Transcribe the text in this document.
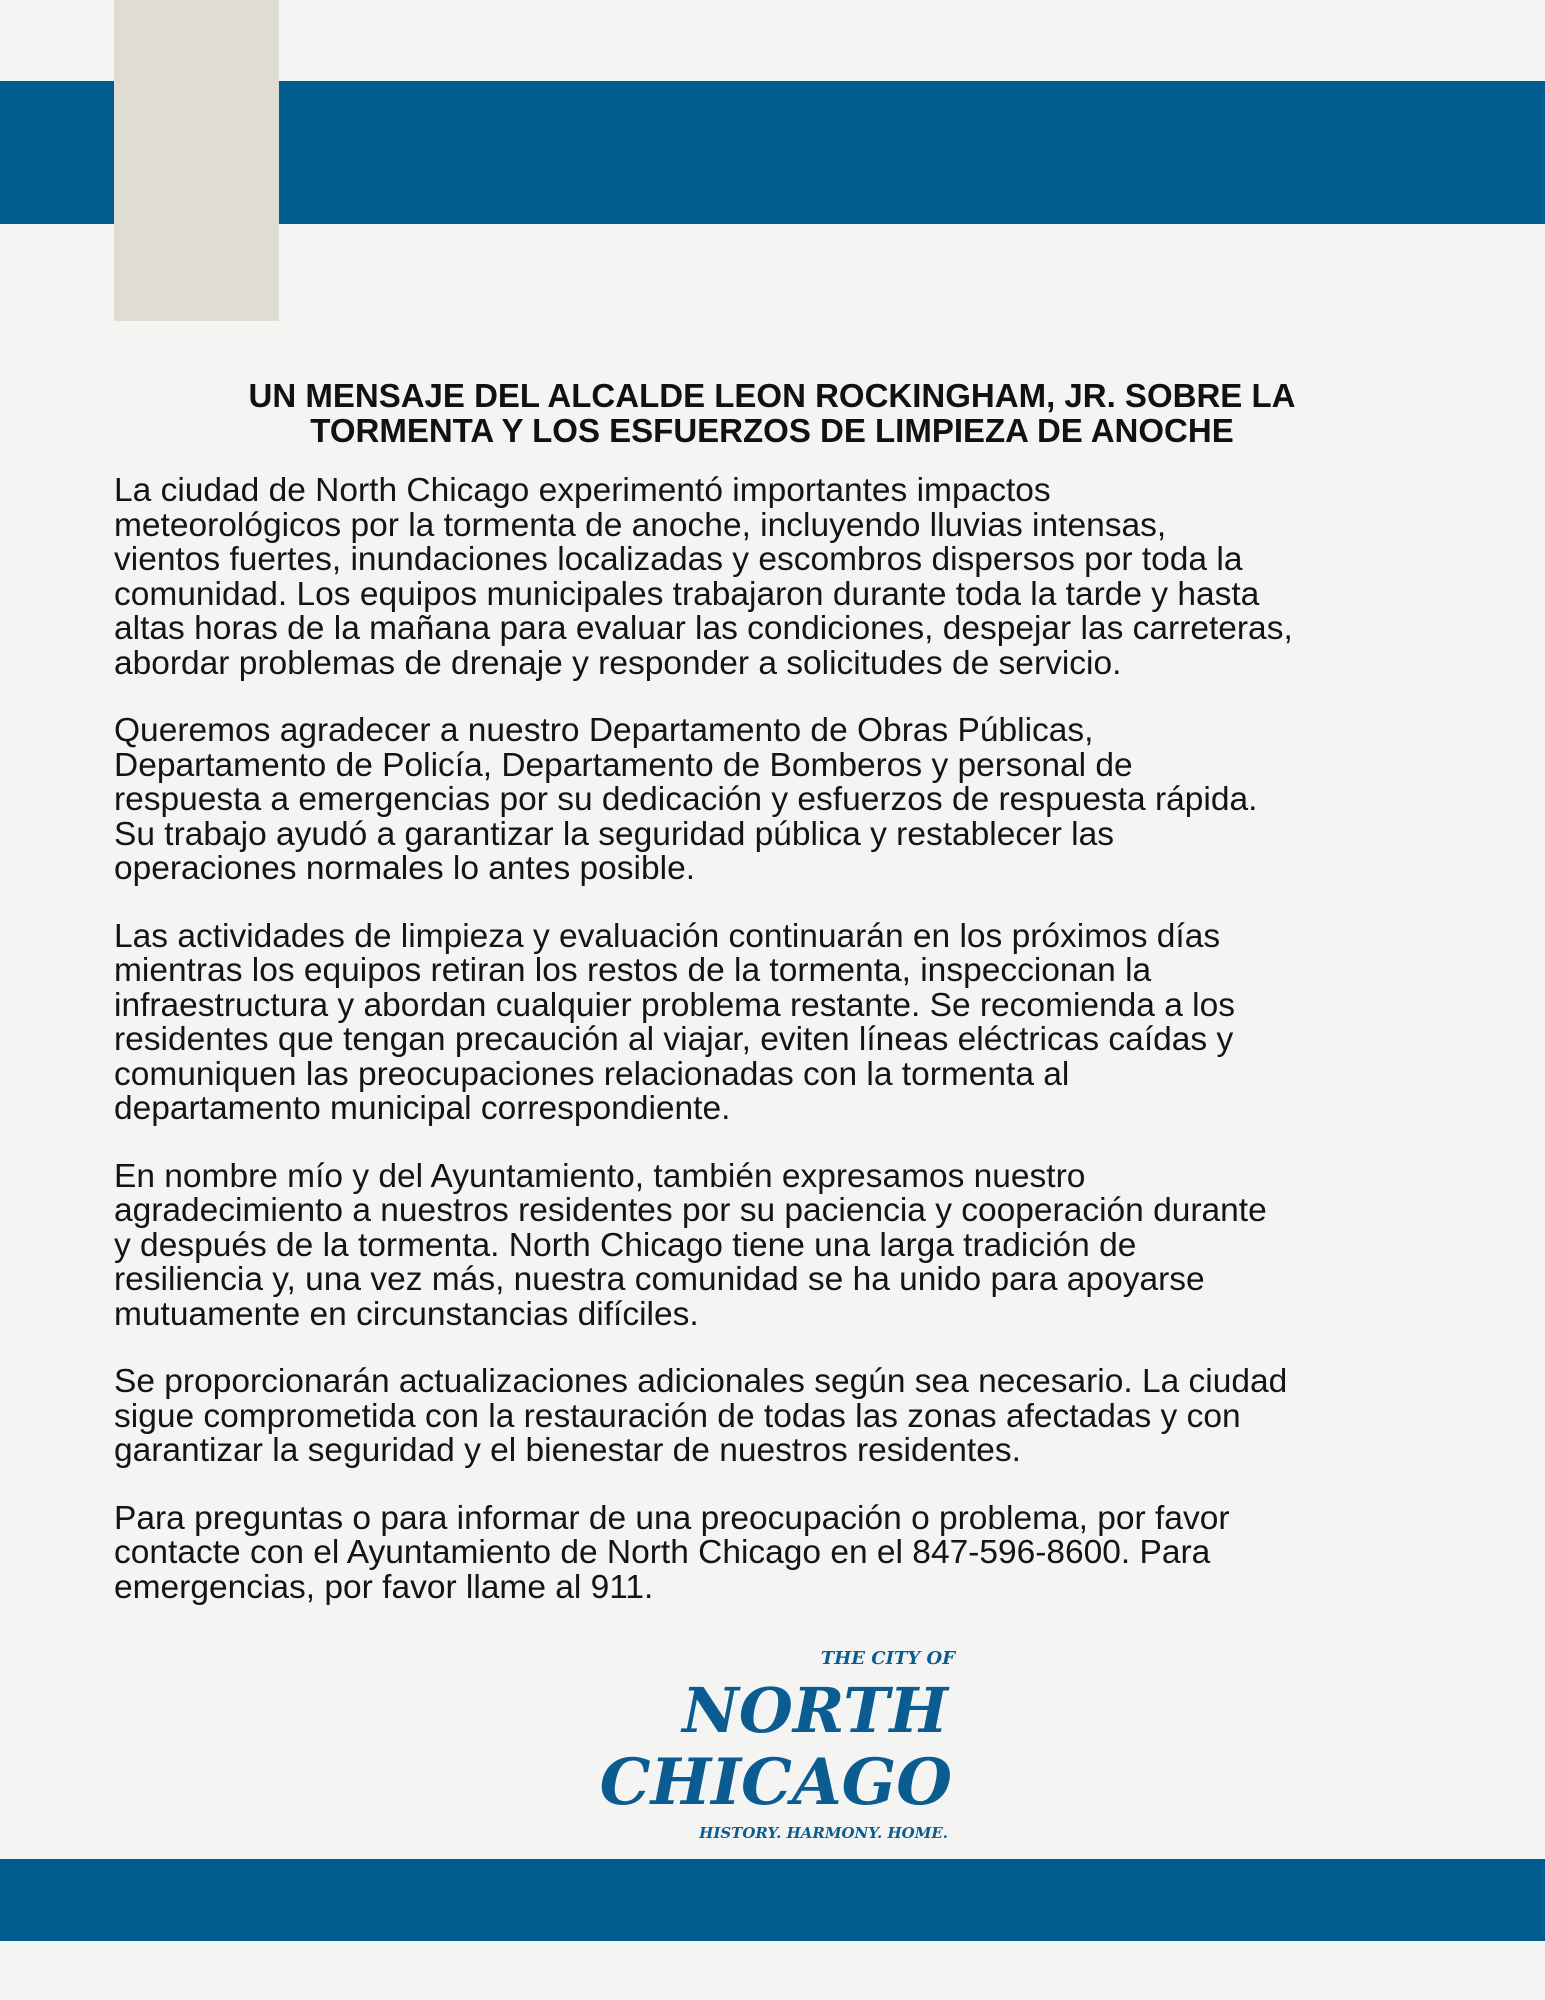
UN MENSAJE DEL ALCALDE LEON ROCKINGHAM, JR. SOBRE LA
TORMENTA Y LOS ESFUERZOS DE LIMPIEZA DE ANOCHE

La ciudad de North Chicago experimentó importantes impactos
meteorológicos por la tormenta de anoche, incluyendo lluvias intensas,
vientos fuertes, inundaciones localizadas y escombros dispersos por toda la
comunidad. Los equipos municipales trabajaron durante toda la tarde y hasta
altas horas de la mañana para evaluar las condiciones, despejar las carreteras,
abordar problemas de drenaje y responder a solicitudes de servicio.

Queremos agradecer a nuestro Departamento de Obras Públicas,
Departamento de Policía, Departamento de Bomberos y personal de
respuesta a emergencias por su dedicación y esfuerzos de respuesta rápida.
Su trabajo ayudó a garantizar la seguridad pública y restablecer las
operaciones normales lo antes posible.

Las actividades de limpieza y evaluación continuarán en los próximos días
mientras los equipos retiran los restos de la tormenta, inspeccionan la
infraestructura y abordan cualquier problema restante. Se recomienda a los
residentes que tengan precaución al viajar, eviten líneas eléctricas caídas y
comuniquen las preocupaciones relacionadas con la tormenta al
departamento municipal correspondiente.

En nombre mío y del Ayuntamiento, también expresamos nuestro
agradecimiento a nuestros residentes por su paciencia y cooperación durante
y después de la tormenta. North Chicago tiene una larga tradición de
resiliencia y, una vez más, nuestra comunidad se ha unido para apoyarse
mutuamente en circunstancias difíciles.

Se proporcionarán actualizaciones adicionales según sea necesario. La ciudad
sigue comprometida con la restauración de todas las zonas afectadas y con
garantizar la seguridad y el bienestar de nuestros residentes.

Para preguntas o para informar de una preocupación o problema, por favor
contacte con el Ayuntamiento de North Chicago en el 847-596-8600. Para
emergencias, por favor llame al 911.

THE CITY OF
NORTH
CHICAGO
HISTORY. HARMONY. HOME.
